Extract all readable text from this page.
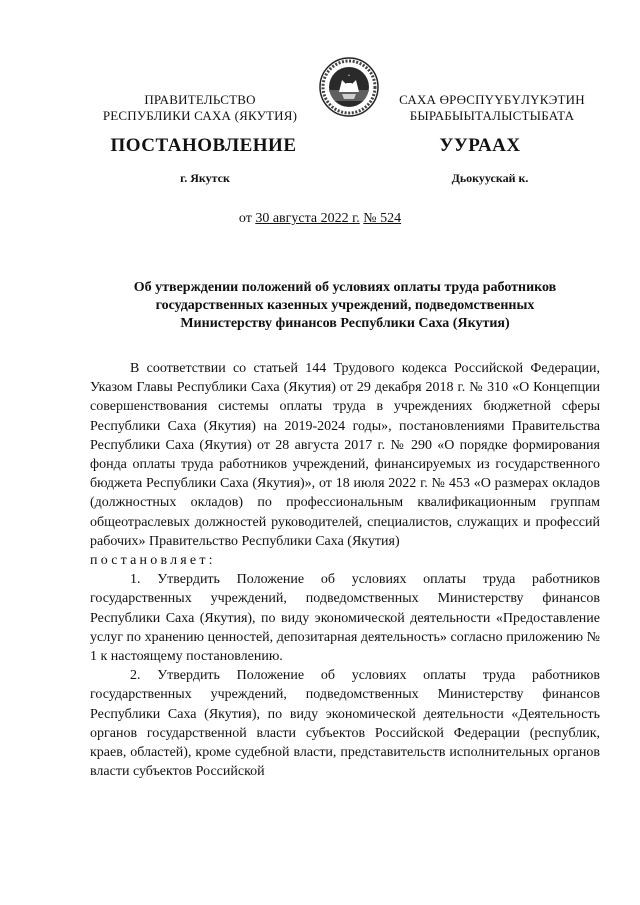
ПРАВИТЕЛЬСТВО
РЕСПУБЛИКИ САХА (ЯКУТИЯ)
САХА ӨРӨСПҮҮБҮЛҮКЭТИН
БЫРАБЫЫТАЛЫСТЫБАТА
ПОСТАНОВЛЕНИЕ	УУРААХ
г. Якутск	Дьокуускай к.
от 30 августа 2022 г. № 524
Об утверждении положений об условиях оплаты труда работников
государственных казенных учреждений, подведомственных
Министерству финансов Республики Саха (Якутия)

В соответствии со статьей 144 Трудового кодекса Российской Федерации, Указом Главы Республики Саха (Якутия) от 29 декабря 2018 г. № 310 «О Концепции совершенствования системы оплаты труда в учреждениях бюджетной сферы Республики Саха (Якутия) на 2019-2024 годы», постановлениями Правительства Республики Саха (Якутия) от 28 августа 2017 г. № 290 «О порядке формирования фонда оплаты труда работников учреждений, финансируемых из государственного бюджета Республики Саха (Якутия)», от 18 июля 2022 г. № 453 «О размерах окладов (должностных окладов) по профессиональным квалификационным группам общеотраслевых должностей руководителей, специалистов, служащих и профессий рабочих» Правительство Республики Саха (Якутия)

постановляет:

1. Утвердить Положение об условиях оплаты труда работников государственных учреждений, подведомственных Министерству финансов Республики Саха (Якутия), по виду экономической деятельности «Предоставление услуг по хранению ценностей, депозитарная деятельность» согласно приложению № 1 к настоящему постановлению.

2. Утвердить Положение об условиях оплаты труда работников государственных учреждений, подведомственных Министерству финансов Республики Саха (Якутия), по виду экономической деятельности «Деятельность органов государственной власти субъектов Российской Федерации (республик, краев, областей), кроме судебной власти, представительств исполнительных органов власти субъектов Российской
